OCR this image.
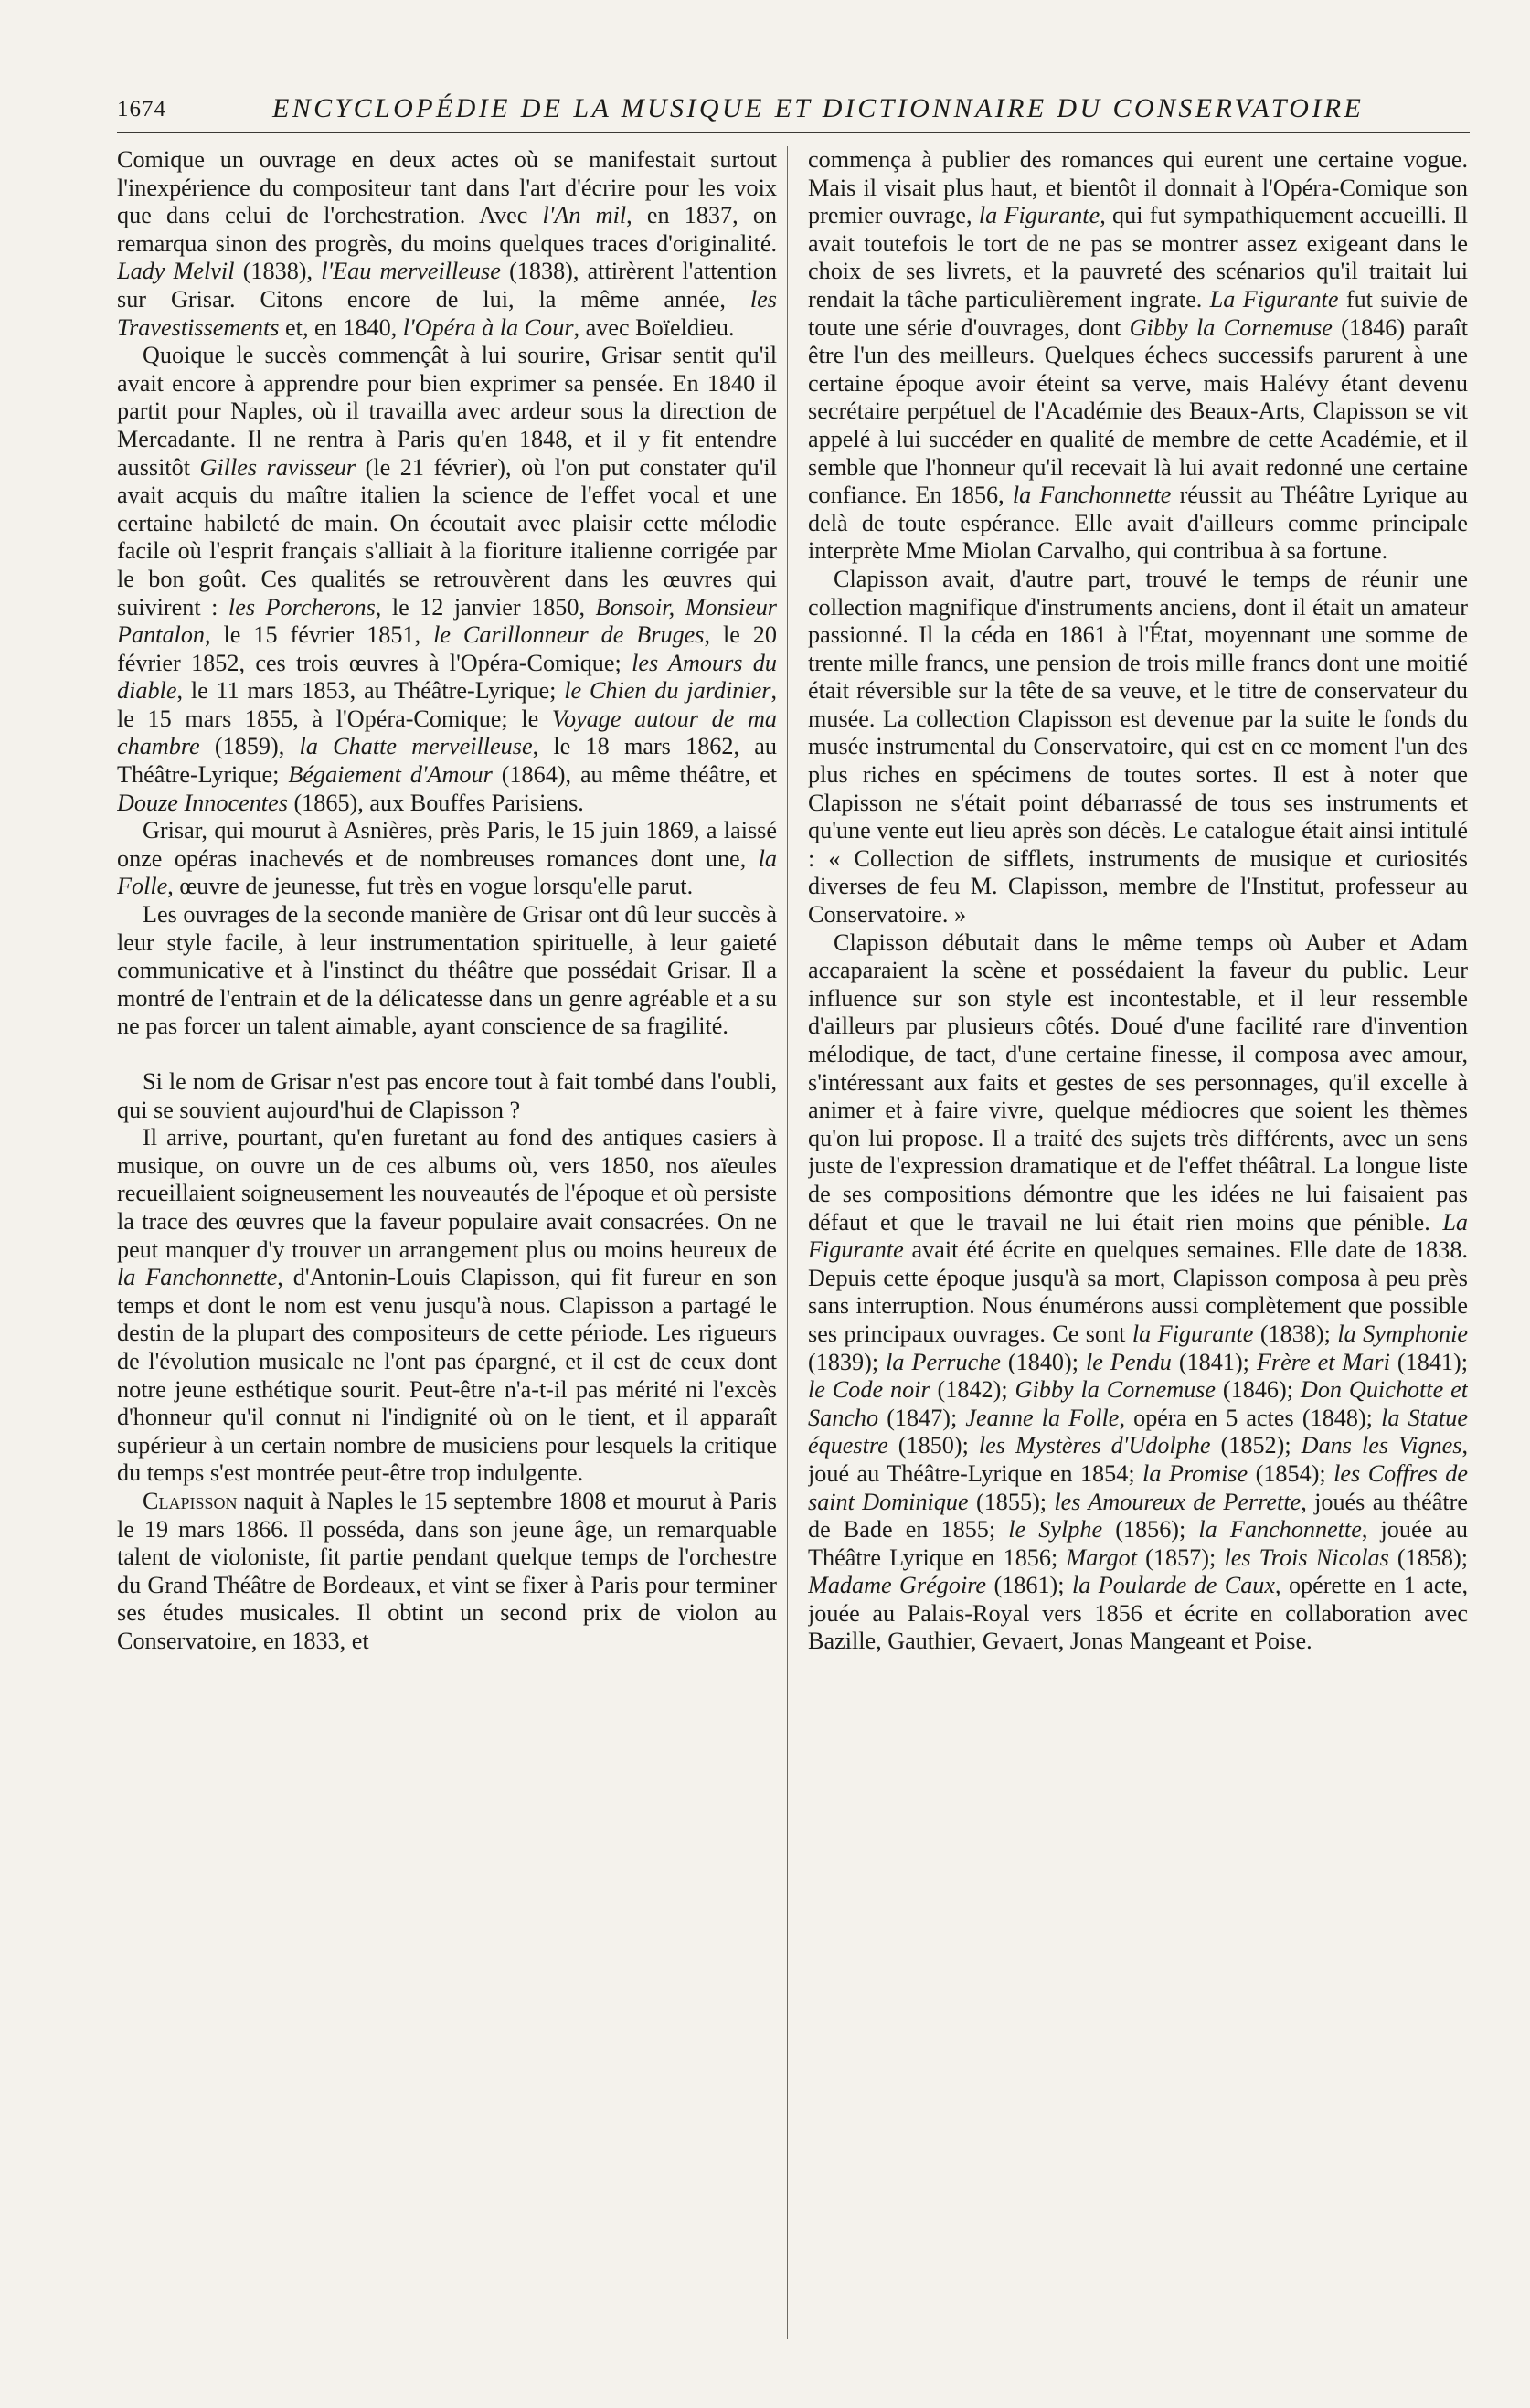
1674	ENCYCLOPÉDIE DE LA MUSIQUE ET DICTIONNAIRE DU CONSERVATOIRE

Comique un ouvrage en deux actes où se manifestait surtout l'inexpérience du compositeur tant dans l'art d'écrire pour les voix que dans celui de l'orchestration. Avec l'An mil, en 1837, on remarqua sinon des progrès, du moins quelques traces d'originalité. Lady Melvil (1838), l'Eau merveilleuse (1838), attirèrent l'attention sur Grisar. Citons encore de lui, la même année, les Travestissements et, en 1840, l'Opéra à la Cour, avec Boïeldieu.

Quoique le succès commençât à lui sourire, Grisar sentit qu'il avait encore à apprendre pour bien exprimer sa pensée. En 1840 il partit pour Naples, où il travailla avec ardeur sous la direction de Mercadante. Il ne rentra à Paris qu'en 1848, et il y fit entendre aussitôt Gilles ravisseur (le 21 février), où l'on put constater qu'il avait acquis du maître italien la science de l'effet vocal et une certaine habileté de main. On écoutait avec plaisir cette mélodie facile où l'esprit français s'alliait à la fioriture italienne corrigée par le bon goût. Ces qualités se retrouvèrent dans les œuvres qui suivirent : les Porcherons, le 12 janvier 1850, Bonsoir, Monsieur Pantalon, le 15 février 1851, le Carillonneur de Bruges, le 20 février 1852, ces trois œuvres à l'Opéra-Comique; les Amours du diable, le 11 mars 1853, au Théâtre-Lyrique; le Chien du jardinier, le 15 mars 1855, à l'Opéra-Comique; le Voyage autour de ma chambre (1859), la Chatte merveilleuse, le 18 mars 1862, au Théâtre-Lyrique; Bégaiement d'Amour (1864), au même théâtre, et Douze Innocentes (1865), aux Bouffes Parisiens.

Grisar, qui mourut à Asnières, près Paris, le 15 juin 1869, a laissé onze opéras inachevés et de nombreuses romances dont une, la Folle, œuvre de jeunesse, fut très en vogue lorsqu'elle parut.

Les ouvrages de la seconde manière de Grisar ont dû leur succès à leur style facile, à leur instrumentation spirituelle, à leur gaieté communicative et à l'instinct du théâtre que possédait Grisar. Il a montré de l'entrain et de la délicatesse dans un genre agréable et a su ne pas forcer un talent aimable, ayant conscience de sa fragilité.

Si le nom de Grisar n'est pas encore tout à fait tombé dans l'oubli, qui se souvient aujourd'hui de Clapisson ?

Il arrive, pourtant, qu'en furetant au fond des antiques casiers à musique, on ouvre un de ces albums où, vers 1850, nos aïeules recueillaient soigneusement les nouveautés de l'époque et où persiste la trace des œuvres que la faveur populaire avait consacrées. On ne peut manquer d'y trouver un arrangement plus ou moins heureux de la Fanchonnette, d'Antonin-Louis Clapisson, qui fit fureur en son temps et dont le nom est venu jusqu'à nous. Clapisson a partagé le destin de la plupart des compositeurs de cette période. Les rigueurs de l'évolution musicale ne l'ont pas épargné, et il est de ceux dont notre jeune esthétique sourit. Peut-être n'a-t-il pas mérité ni l'excès d'honneur qu'il connut ni l'indignité où on le tient, et il apparaît supérieur à un certain nombre de musiciens pour lesquels la critique du temps s'est montrée peut-être trop indulgente.

Clapisson naquit à Naples le 15 septembre 1808 et mourut à Paris le 19 mars 1866. Il posséda, dans son jeune âge, un remarquable talent de violoniste, fit partie pendant quelque temps de l'orchestre du Grand Théâtre de Bordeaux, et vint se fixer à Paris pour terminer ses études musicales. Il obtint un second prix de violon au Conservatoire, en 1833, et

commença à publier des romances qui eurent une certaine vogue. Mais il visait plus haut, et bientôt il donnait à l'Opéra-Comique son premier ouvrage, la Figurante, qui fut sympathiquement accueilli. Il avait toutefois le tort de ne pas se montrer assez exigeant dans le choix de ses livrets, et la pauvreté des scénarios qu'il traitait lui rendait la tâche particulièrement ingrate. La Figurante fut suivie de toute une série d'ouvrages, dont Gibby la Cornemuse (1846) paraît être l'un des meilleurs. Quelques échecs successifs parurent à une certaine époque avoir éteint sa verve, mais Halévy étant devenu secrétaire perpétuel de l'Académie des Beaux-Arts, Clapisson se vit appelé à lui succéder en qualité de membre de cette Académie, et il semble que l'honneur qu'il recevait là lui avait redonné une certaine confiance. En 1856, la Fanchonnette réussit au Théâtre Lyrique au delà de toute espérance. Elle avait d'ailleurs comme principale interprète Mme Miolan Carvalho, qui contribua à sa fortune.

Clapisson avait, d'autre part, trouvé le temps de réunir une collection magnifique d'instruments anciens, dont il était un amateur passionné. Il la céda en 1861 à l'État, moyennant une somme de trente mille francs, une pension de trois mille francs dont une moitié était réversible sur la tête de sa veuve, et le titre de conservateur du musée. La collection Clapisson est devenue par la suite le fonds du musée instrumental du Conservatoire, qui est en ce moment l'un des plus riches en spécimens de toutes sortes. Il est à noter que Clapisson ne s'était point débarrassé de tous ses instruments et qu'une vente eut lieu après son décès. Le catalogue était ainsi intitulé : « Collection de sifflets, instruments de musique et curiosités diverses de feu M. Clapisson, membre de l'Institut, professeur au Conservatoire. »

Clapisson débutait dans le même temps où Auber et Adam accaparaient la scène et possédaient la faveur du public. Leur influence sur son style est incontestable, et il leur ressemble d'ailleurs par plusieurs côtés. Doué d'une facilité rare d'invention mélodique, de tact, d'une certaine finesse, il composa avec amour, s'intéressant aux faits et gestes de ses personnages, qu'il excelle à animer et à faire vivre, quelque médiocres que soient les thèmes qu'on lui propose. Il a traité des sujets très différents, avec un sens juste de l'expression dramatique et de l'effet théâtral. La longue liste de ses compositions démontre que les idées ne lui faisaient pas défaut et que le travail ne lui était rien moins que pénible. La Figurante avait été écrite en quelques semaines. Elle date de 1838. Depuis cette époque jusqu'à sa mort, Clapisson composa à peu près sans interruption. Nous énumérons aussi complètement que possible ses principaux ouvrages. Ce sont la Figurante (1838); la Symphonie (1839); la Perruche (1840); le Pendu (1841); Frère et Mari (1841); le Code noir (1842); Gibby la Cornemuse (1846); Don Quichotte et Sancho (1847); Jeanne la Folle, opéra en 5 actes (1848); la Statue équestre (1850); les Mystères d'Udolphe (1852); Dans les Vignes, joué au Théâtre-Lyrique en 1854; la Promise (1854); les Coffres de saint Dominique (1855); les Amoureux de Perrette, joués au théâtre de Bade en 1855; le Sylphe (1856); la Fanchonnette, jouée au Théâtre Lyrique en 1856; Margot (1857); les Trois Nicolas (1858); Madame Grégoire (1861); la Poularde de Caux, opérette en 1 acte, jouée au Palais-Royal vers 1856 et écrite en collaboration avec Bazille, Gauthier, Gevaert, Jonas Mangeant et Poise.
